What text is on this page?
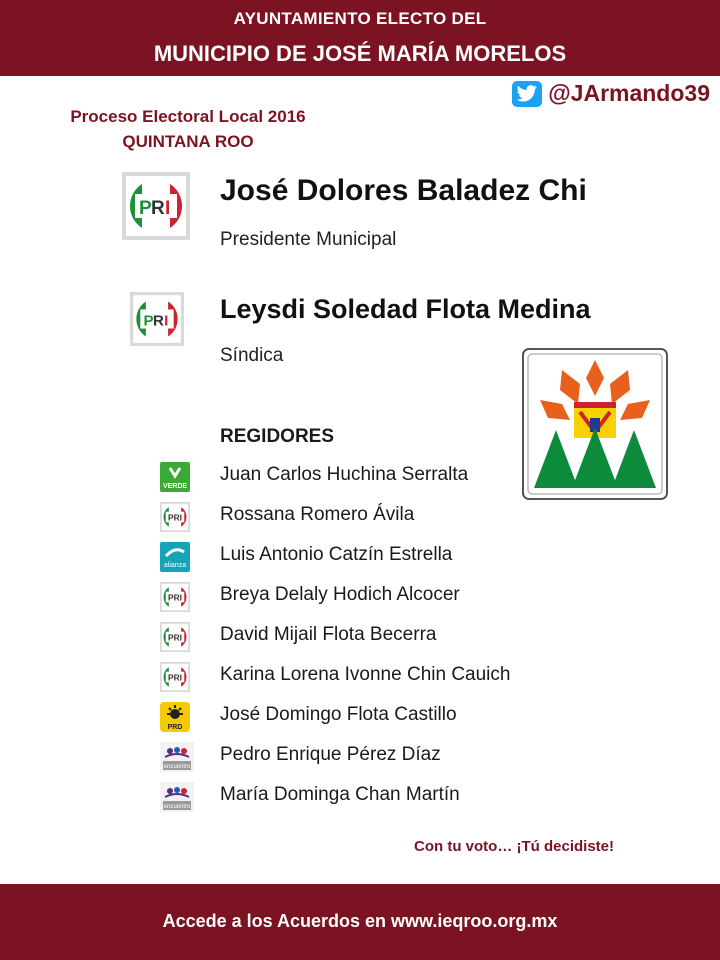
AYUNTAMIENTO ELECTO DEL
MUNICIPIO DE JOSÉ MARÍA MORELOS
@JArmando39
Proceso Electoral Local 2016
QUINTANA ROO
P R I
José Dolores Baladez Chi
Presidente Municipal
P R I Leysdi Soledad Flota Medina
Síndica
REGIDORES
VERDE
Juan Carlos Huchina Serralta
PRI Rossana Romero Ávila
alianza
Luis Antonio Catzín Estrella
PRI Breya Delaly Hodich Alcocer
PRI David Mijail Flota Becerra
PRI Karina Lorena Ivonne Chin Cauich
PRD
José Domingo Flota Castillo
encuentro
Pedro Enrique Pérez Díaz
encuentro
María Dominga Chan Martín
Con tu voto… ¡Tú decidiste!
Accede a los Acuerdos en www.ieqroo.org.mx
